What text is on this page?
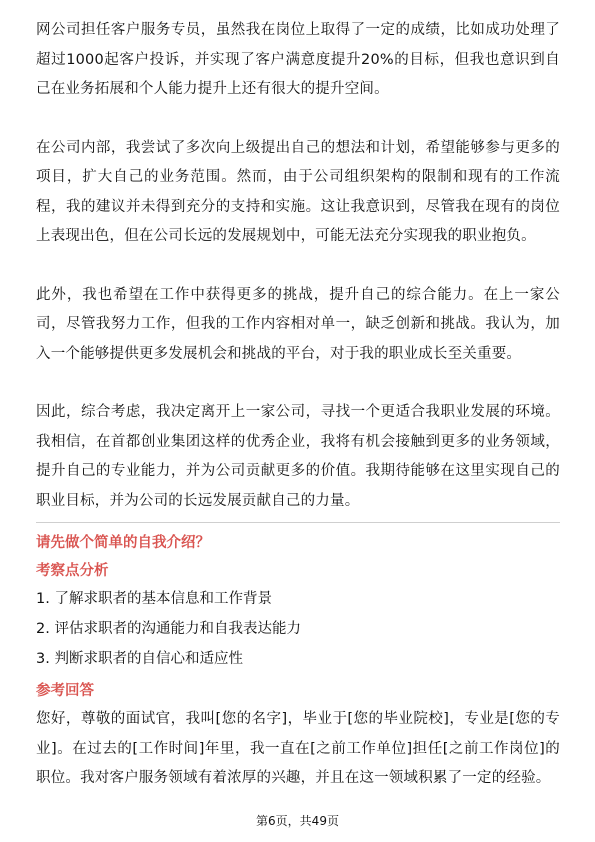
网公司担任客户服务专员，虽然我在岗位上取得了一定的成绩，比如成功处理了超过1000起客户投诉，并实现了客户满意度提升20%的目标，但我也意识到自己在业务拓展和个人能力提升上还有很大的提升空间。

在公司内部，我尝试了多次向上级提出自己的想法和计划，希望能够参与更多的项目，扩大自己的业务范围。然而，由于公司组织架构的限制和现有的工作流程，我的建议并未得到充分的支持和实施。这让我意识到，尽管我在现有的岗位上表现出色，但在公司长远的发展规划中，可能无法充分实现我的职业抱负。

此外，我也希望在工作中获得更多的挑战，提升自己的综合能力。在上一家公司，尽管我努力工作，但我的工作内容相对单一，缺乏创新和挑战。我认为，加入一个能够提供更多发展机会和挑战的平台，对于我的职业成长至关重要。

因此，综合考虑，我决定离开上一家公司，寻找一个更适合我职业发展的环境。我相信，在首都创业集团这样的优秀企业，我将有机会接触到更多的业务领域，提升自己的专业能力，并为公司贡献更多的价值。我期待能够在这里实现自己的职业目标，并为公司的长远发展贡献自己的力量。

请先做个简单的自我介绍？

考察点分析

1. 了解求职者的基本信息和工作背景

2. 评估求职者的沟通能力和自我表达能力

3. 判断求职者的自信心和适应性

参考回答

您好，尊敬的面试官，我叫[您的名字]，毕业于[您的毕业院校]，专业是[您的专业]。在过去的[工作时间]年里，我一直在[之前工作单位]担任[之前工作岗位]的职位。我对客户服务领域有着浓厚的兴趣，并且在这一领域积累了一定的经验。

第6页，共49页
